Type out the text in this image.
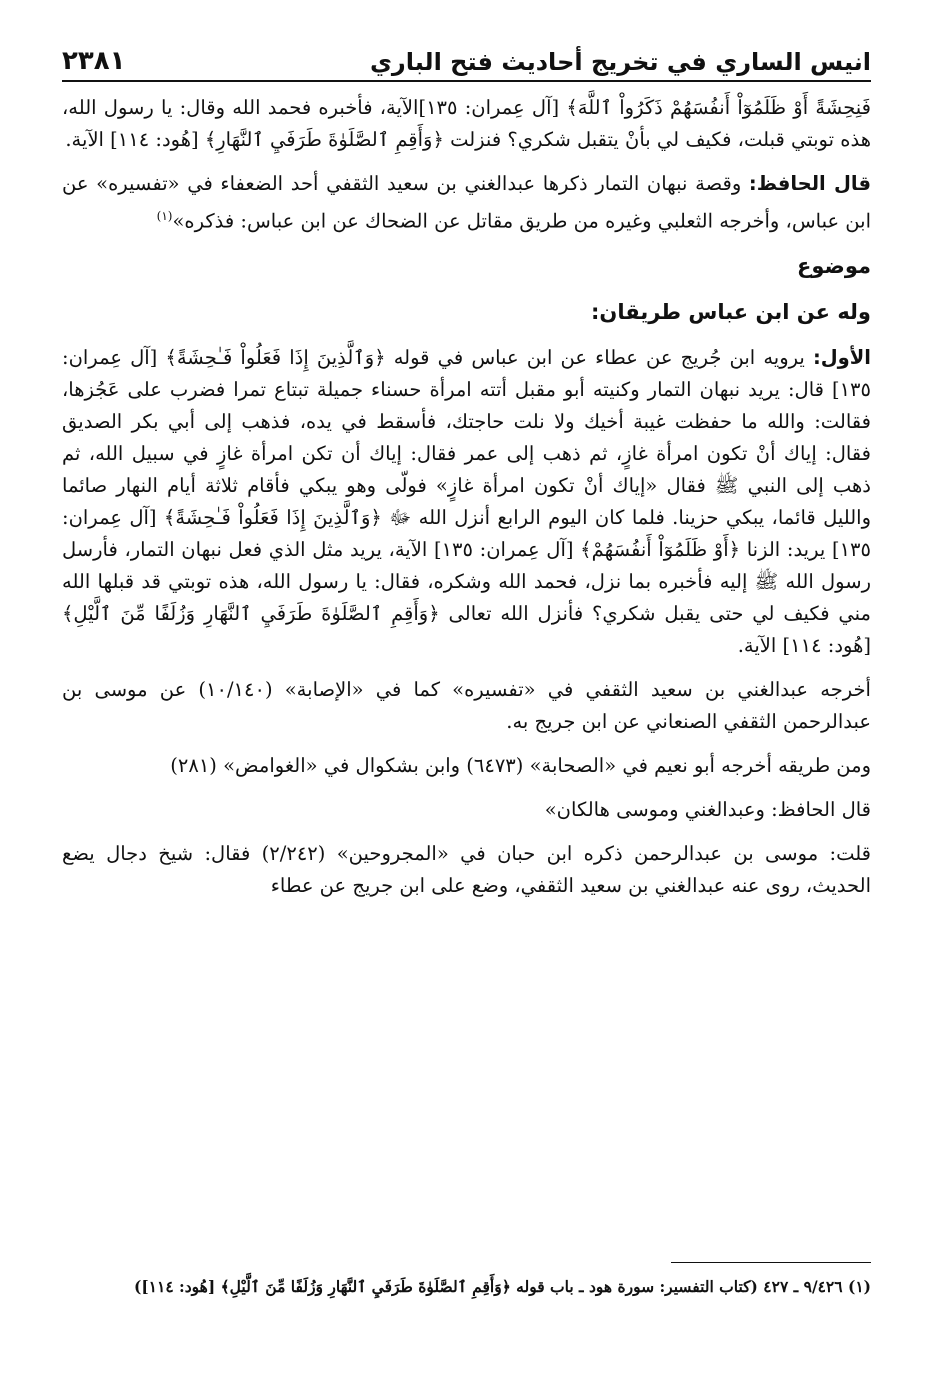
انيس الساري في تخريج أحاديث فتح الباري
٢٣٨١

فَنِحِشَةً أَوْ ظَلَمُوٓاْ أَنفُسَهُمْ ذَكَرُواْ ٱللَّهَ﴾ [آل عِمران: ١٣٥]الآية، فأخبره فحمد الله وقال: يا رسول الله، هذه توبتي قبلت، فكيف لي بأنْ يتقبل شكري؟ فنزلت ﴿وَأَقِمِ ٱلصَّلَوٰةَ طَرَفَيِ ٱلنَّهَارِ﴾ [هُود: ١١٤] الآية.

قال الحافظ: وقصة نبهان التمار ذكرها عبدالغني بن سعيد الثقفي أحد الضعفاء في «تفسيره» عن ابن عباس، وأخرجه الثعلبي وغيره من طريق مقاتل عن الضحاك عن ابن عباس: فذكره»$^{(١)}$

موضوع
وله عن ابن عباس طريقان:

الأول: يرويه ابن جُريج عن عطاء عن ابن عباس في قوله ﴿وَٱلَّذِينَ إِذَا فَعَلُواْ فَـٰحِشَةً﴾ [آل عِمران: ١٣٥] قال: يريد نبهان التمار وكنيته أبو مقبل أتته امرأة حسناء جميلة تبتاع تمرا فضرب على عَجُزها، فقالت: والله ما حفظت غيبة أخيك ولا نلت حاجتك، فأسقط في يده، فذهب إلى أبي بكر الصديق فقال: إياك أنْ تكون امرأة غازٍ، ثم ذهب إلى عمر فقال: إياك أن تكن امرأة غازٍ في سبيل الله، ثم ذهب إلى النبي ﷺ فقال «إياك أنْ تكون امرأة غازٍ» فولّى وهو يبكي فأقام ثلاثة أيام النهار صائما والليل قائما، يبكي حزينا. فلما كان اليوم الرابع أنزل الله ﷻ ﴿وَٱلَّذِينَ إِذَا فَعَلُواْ فَـٰحِشَةً﴾ [آل عِمران: ١٣٥] يريد: الزنا ﴿أَوْ ظَلَمُوٓاْ أَنفُسَهُمْ﴾ [آل عِمران: ١٣٥] الآية، يريد مثل الذي فعل نبهان التمار، فأرسل رسول الله ﷺ إليه فأخبره بما نزل، فحمد الله وشكره، فقال: يا رسول الله، هذه توبتي قد قبلها الله مني فكيف لي حتى يقبل شكري؟ فأنزل الله تعالى ﴿وَأَقِمِ ٱلصَّلَوٰةَ طَرَفَيِ ٱلنَّهَارِ وَزُلَفًا مِّنَ ٱلَّيْلِ﴾ [هُود: ١١٤] الآية.

أخرجه عبدالغني بن سعيد الثقفي في «تفسيره» كما في «الإصابة» (١٠/١٤٠) عن موسى بن عبدالرحمن الثقفي الصنعاني عن ابن جريج به.

ومن طريقه أخرجه أبو نعيم في «الصحابة» (٦٤٧٣) وابن بشكوال في «الغوامض» (٢٨١)

قال الحافظ: وعبدالغني وموسى هالكان»

قلت: موسى بن عبدالرحمن ذكره ابن حبان في «المجروحين» (٢/٢٤٢) فقال: شيخ دجال يضع الحديث، روى عنه عبدالغني بن سعيد الثقفي، وضع على ابن جريج عن عطاء

(١) ٩/٤٢٦ ـ ٤٢٧ (كتاب التفسير: سورة هود ـ باب قوله ﴿وَأَقِمِ ٱلصَّلَوٰةَ طَرَفَيِ ٱلنَّهَارِ وَزُلَفًا مِّنَ ٱلَّيْلِ﴾ [هُود: ١١٤])
